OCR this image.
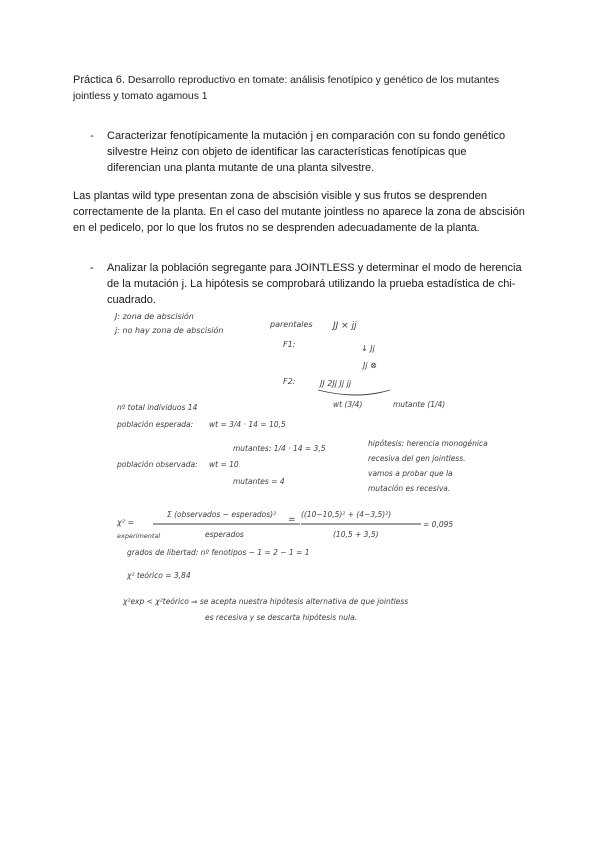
Práctica 6. Desarrollo reproductivo en tomate: análisis fenotípico y genético de los mutantes jointless y tomato agamous 1
- Caracterizar fenotípicamente la mutación j en comparación con su fondo genético silvestre Heinz con objeto de identificar las características fenotípicas que diferencian una planta mutante de una planta silvestre.
Las plantas wild type presentan zona de abscisión visible y sus frutos se desprenden correctamente de la planta. En el caso del mutante jointless no aparece la zona de abscisión en el pedicelo, por lo que los frutos no se desprenden adecuadamente de la planta.
- Analizar la población segregante para JOINTLESS y determinar el modo de herencia de la mutación j. La hipótesis se comprobará utilizando la prueba estadística de chi-cuadrado.
J: zona de abscisión
j: no hay zona de abscisión
parentales JJ × jj
F1:	↓ Jj
Jj ⊗
F2:	JJ 2Jj Jj jj
wt (3/4)	mutante (1/4)
nº total individuos 14
población esperada: wt = 3/4 · 14 = 10,5
mutantes: 1/4 · 14 = 3,5
población observada: wt = 10
mutantes = 4
hipótesis: herencia monogénica
recesiva del gen jointless.
vamos a probar que la
mutación es recesiva.
χ² =
experimental
Σ (observados − esperados)²
esperados
=
((10−10,5)² + (4−3,5)²)
(10,5 + 3,5)
= 0,095
grados de libertad: nº fenotipos − 1 = 2 − 1 = 1
χ² teórico = 3,84
χ²exp < χ²teórico ⇒ se acepta nuestra hipótesis alternativa de que jointless
es recesiva y se descarta hipótesis nula.
